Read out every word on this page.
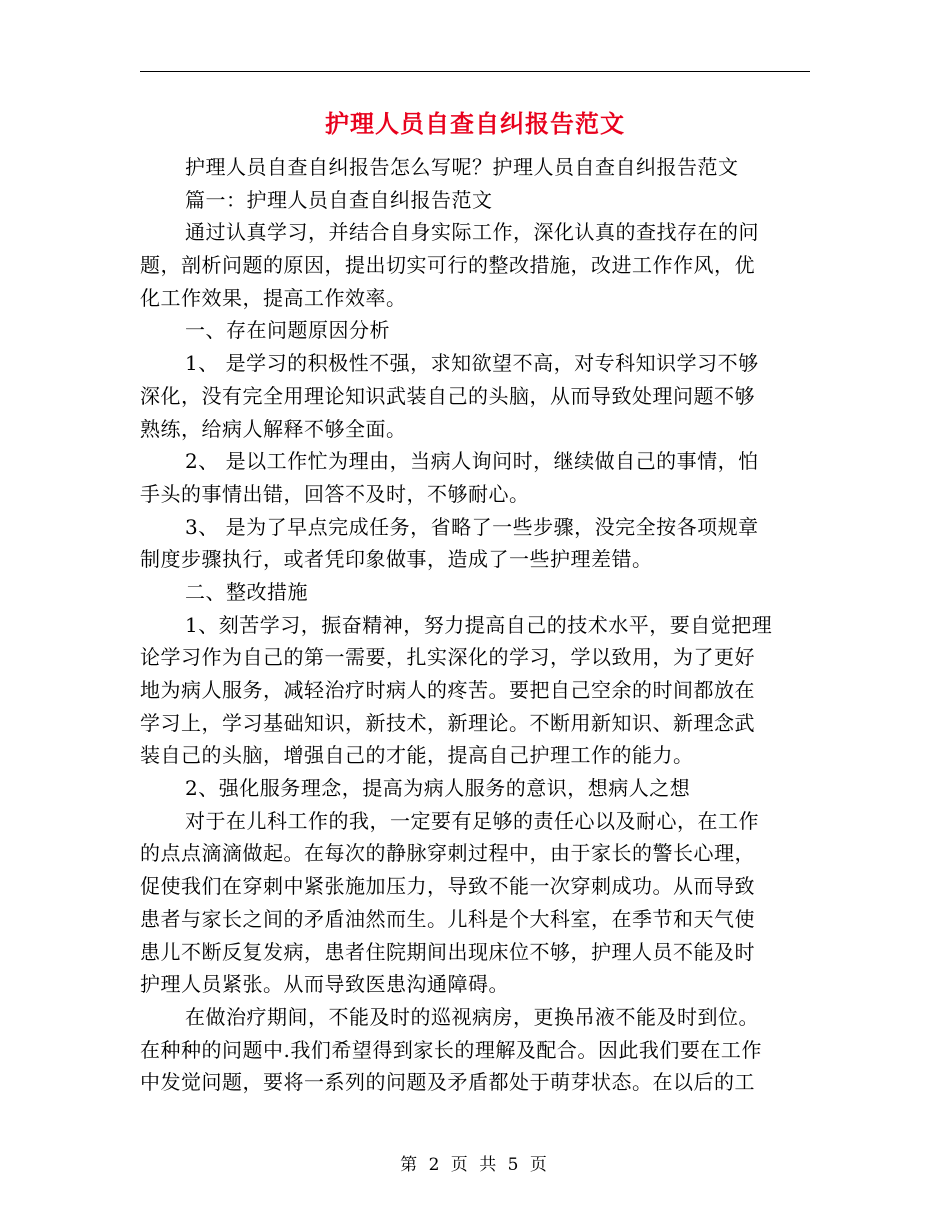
护理人员自查自纠报告范文
护理人员自查自纠报告怎么写呢？护理人员自查自纠报告范文
篇一：护理人员自查自纠报告范文
通过认真学习，并结合自身实际工作，深化认真的查找存在的问
题，剖析问题的原因，提出切实可行的整改措施，改进工作作风，优
化工作效果，提高工作效率。
一、存在问题原因分析
1、 是学习的积极性不强，求知欲望不高，对专科知识学习不够
深化，没有完全用理论知识武装自己的头脑，从而导致处理问题不够
熟练，给病人解释不够全面。
2、 是以工作忙为理由，当病人询问时，继续做自己的事情，怕
手头的事情出错，回答不及时，不够耐心。
3、 是为了早点完成任务，省略了一些步骤，没完全按各项规章
制度步骤执行，或者凭印象做事，造成了一些护理差错。
二、整改措施
1、刻苦学习，振奋精神，努力提高自己的技术水平，要自觉把理
论学习作为自己的第一需要，扎实深化的学习，学以致用，为了更好
地为病人服务，减轻治疗时病人的疼苦。要把自己空余的时间都放在
学习上，学习基础知识，新技术，新理论。不断用新知识、新理念武
装自己的头脑，增强自己的才能，提高自己护理工作的能力。
2、强化服务理念，提高为病人服务的意识，想病人之想
对于在儿科工作的我，一定要有足够的责任心以及耐心，在工作
的点点滴滴做起。在每次的静脉穿刺过程中，由于家长的警长心理，
促使我们在穿刺中紧张施加压力，导致不能一次穿刺成功。从而导致
患者与家长之间的矛盾油然而生。儿科是个大科室，在季节和天气使
患儿不断反复发病，患者住院期间出现床位不够，护理人员不能及时
护理人员紧张。从而导致医患沟通障碍。
在做治疗期间，不能及时的巡视病房，更换吊液不能及时到位。
在种种的问题中.我们希望得到家长的理解及配合。因此我们要在工作
中发觉问题，要将一系列的问题及矛盾都处于萌芽状态。在以后的工
第 2 页 共 5 页
